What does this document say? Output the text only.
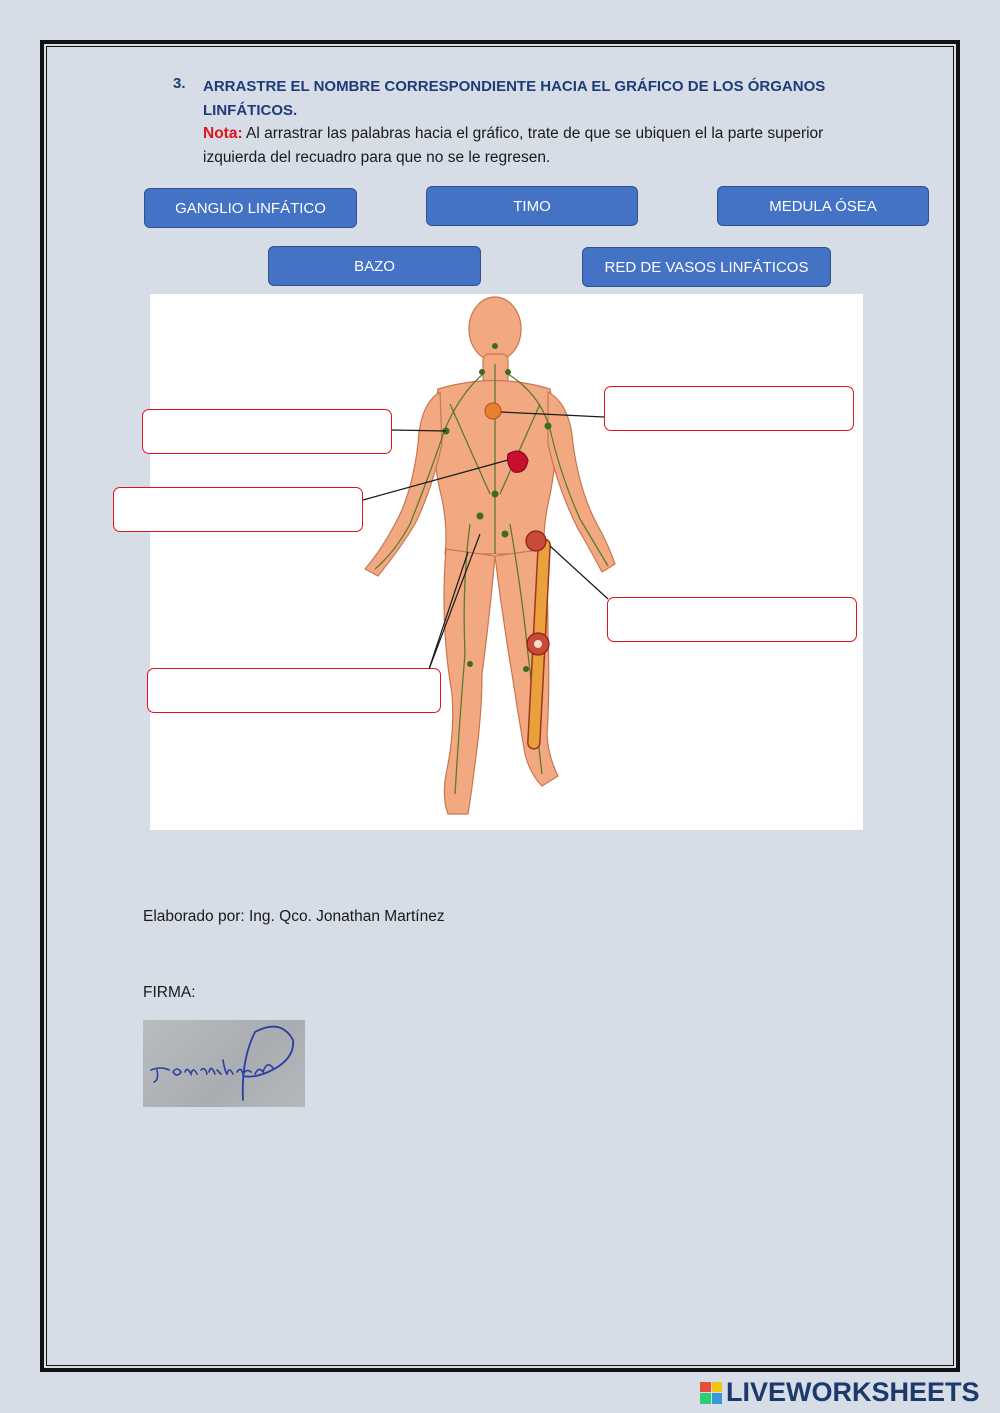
3. ARRASTRE EL NOMBRE CORRESPONDIENTE HACIA EL GRÁFICO DE LOS ÓRGANOS LINFÁTICOS.
Nota: Al arrastrar las palabras hacia el gráfico, trate de que se ubiquen el la parte superior izquierda del recuadro para que no se le regresen.
GANGLIO LINFÁTICO	TIMO	MEDULA ÓSEA
BAZO	RED DE VASOS LINFÁTICOS
Elaborado por: Ing. Qco. Jonathan Martínez
FIRMA:
LIVEWORKSHEETS
